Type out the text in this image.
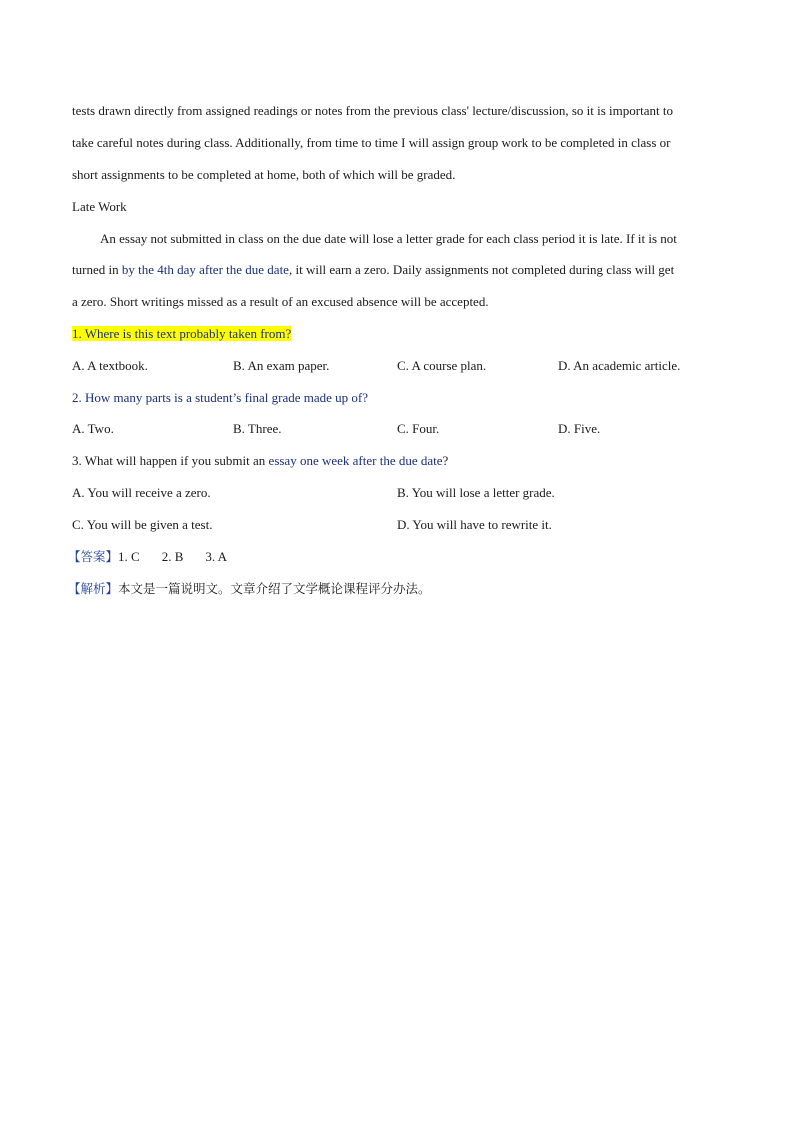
tests drawn directly from assigned readings or notes from the previous class' lecture/discussion, so it is important to
take careful notes during class. Additionally, from time to time I will assign group work to be completed in class or
short assignments to be completed at home, both of which will be graded.
Late Work
An essay not submitted in class on the due date will lose a letter grade for each class period it is late. If it is not
turned in by the 4th day after the due date, it will earn a zero. Daily assignments not completed during class will get
a zero. Short writings missed as a result of an excused absence will be accepted.
1. Where is this text probably taken from?
A. A textbook.	B. An exam paper.	C. A course plan.	D. An academic article.
2. How many parts is a student’s final grade made up of?
A. Two.	B. Three.	C. Four.	D. Five.
3. What will happen if you submit an essay one week after the due date?
A. You will receive a zero.	B. You will lose a letter grade.
C. You will be given a test.	D. You will have to rewrite it.
【答案】1. C 2. B 3. A
【解析】本文是一篇说明文。文章介绍了文学概论课程评分办法。
